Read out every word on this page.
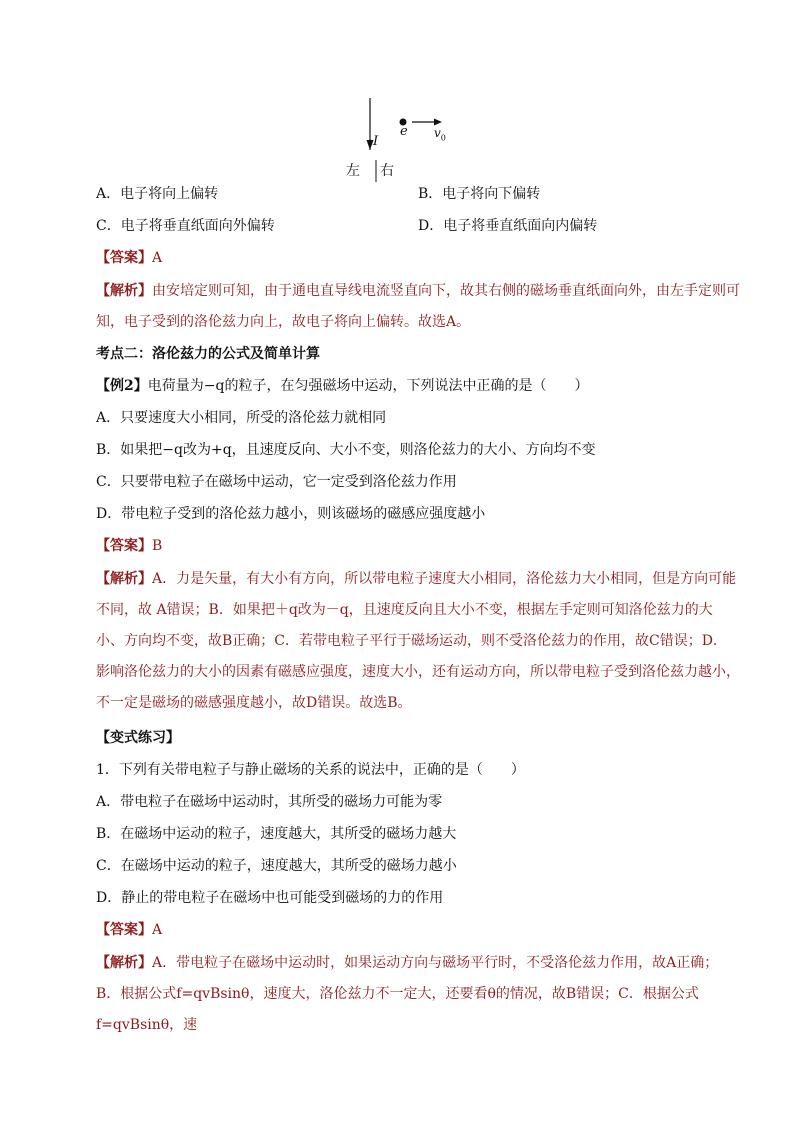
I
e $v_0$
左 右
A．电子将向上偏转	B．电子将向下偏转
C．电子将垂直纸面向外偏转	D．电子将垂直纸面向内偏转
【答案】A
【解析】由安培定则可知，由于通电直导线电流竖直向下，故其右侧的磁场垂直纸面向外，由左手定则可知，电子受到的洛伦兹力向上，故电子将向上偏转。故选A。
考点二：洛伦兹力的公式及简单计算
【例2】电荷量为−q的粒子，在匀强磁场中运动，下列说法中正确的是（　　）
A．只要速度大小相同，所受的洛伦兹力就相同
B．如果把−q改为+q，且速度反向、大小不变，则洛伦兹力的大小、方向均不变
C．只要带电粒子在磁场中运动，它一定受到洛伦兹力作用
D．带电粒子受到的洛伦兹力越小，则该磁场的磁感应强度越小
【答案】B
【解析】A．力是矢量，有大小有方向，所以带电粒子速度大小相同，洛伦兹力大小相同，但是方向可能不同，故 A错误；B．如果把＋q改为－q，且速度反向且大小不变，根据左手定则可知洛伦兹力的大小、方向均不变，故B正确；C．若带电粒子平行于磁场运动，则不受洛伦兹力的作用，故C错误；D．影响洛伦兹力的大小的因素有磁感应强度，速度大小，还有运动方向，所以带电粒子受到洛伦兹力越小，不一定是磁场的磁感强度越小，故D错误。故选B。
【变式练习】
1．下列有关带电粒子与静止磁场的关系的说法中，正确的是（　　）
A．带电粒子在磁场中运动时，其所受的磁场力可能为零
B．在磁场中运动的粒子，速度越大，其所受的磁场力越大
C．在磁场中运动的粒子，速度越大，其所受的磁场力越小
D．静止的带电粒子在磁场中也可能受到磁场的力的作用
【答案】A
【解析】A．带电粒子在磁场中运动时，如果运动方向与磁场平行时，不受洛伦兹力作用，故A正确；B．根据公式f=qvBsinθ，速度大，洛伦兹力不一定大，还要看θ的情况，故B错误；C．根据公式f=qvBsinθ，速
